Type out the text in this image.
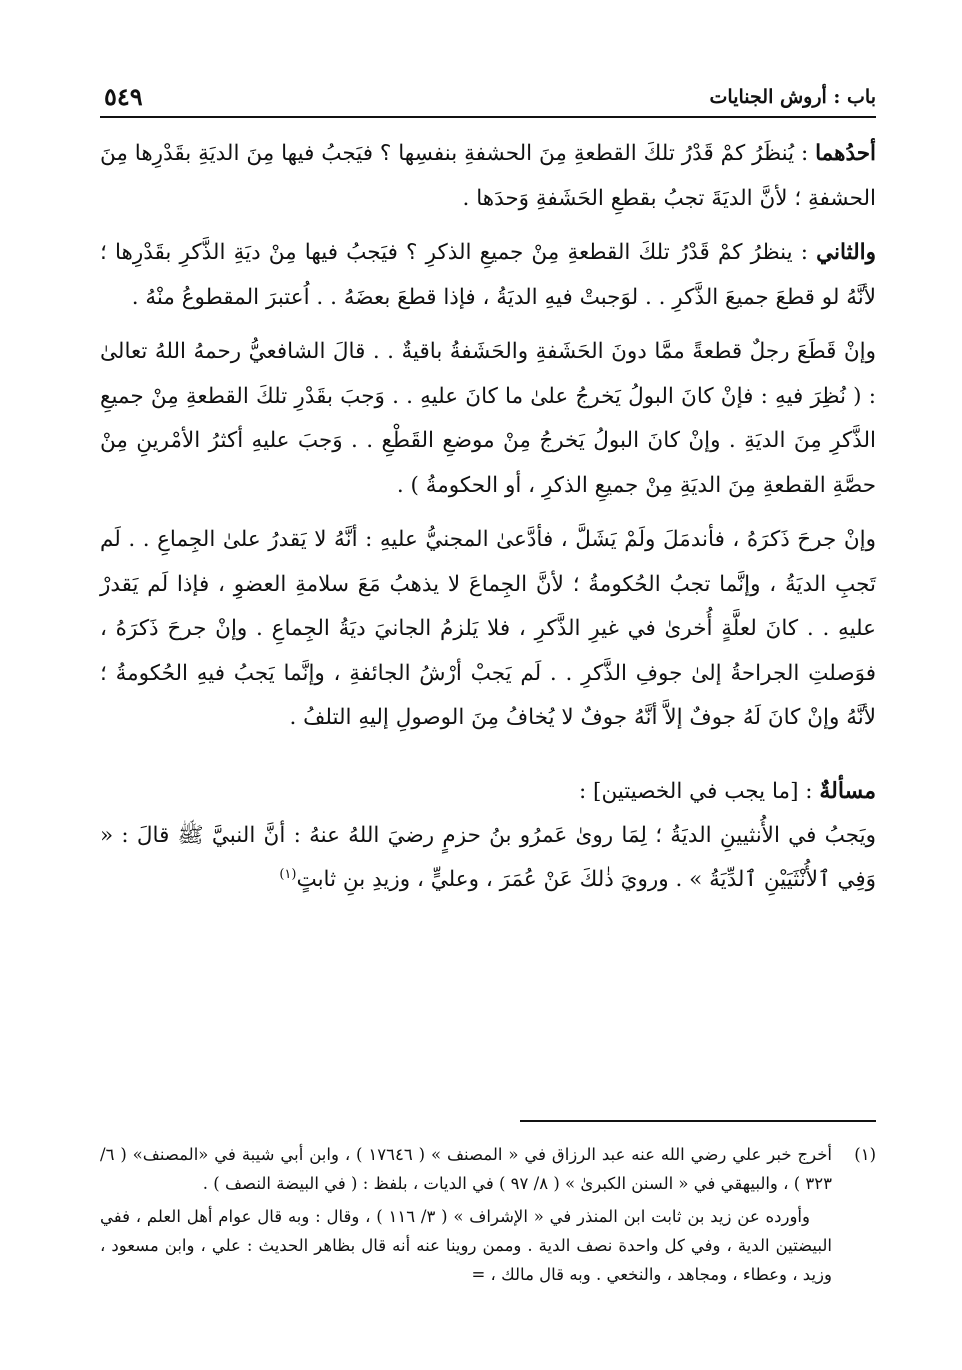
باب : أروش الجنايات
٥٤٩

أحدُهما : يُنظَرُ كمْ قَدْرُ تلكَ القطعةِ مِنَ الحشفةِ بنفسِها ؟ فيَجبُ فيها مِنَ الديَةِ بقَدْرِها مِنَ الحشفةِ ؛ لأنَّ الديَةَ تجبُ بقطعِ الحَشَفةِ وَحدَها .

والثاني : ينظرُ كمْ قَدْرُ تلكَ القطعةِ مِنْ جميعِ الذكرِ ؟ فيَجبُ فيها مِنْ ديَةِ الذَّكرِ بقَدْرِها ؛ لأنَّهُ لو قطعَ جميعَ الذَّكرِ . . لوَجبتْ فيهِ الديَةُ ، فإذا قطعَ بعضَهُ . . اُعتبرَ المقطوعُ منْهُ .

وإنْ قَطَعَ رجلٌ قطعةً ممَّا دونَ الحَشَفةِ والحَشَفةُ باقيةٌ . . قالَ الشافعيُّ رحمهُ اللهُ تعالىٰ : ( نُظِرَ فيهِ : فإنْ كانَ البولُ يَخرجُ علىٰ ما كانَ عليهِ . . وَجبَ بقَدْرِ تلكَ القطعةِ مِنْ جميعِ الذَّكرِ مِنَ الديَةِ . وإنْ كانَ البولُ يَخرجُ مِنْ موضعِ القَطْعِ . . وَجبَ عليهِ أكثرُ الأمْرينِ مِنْ حصَّةِ القطعةِ مِنَ الديَةِ مِنْ جميعِ الذكرِ ، أو الحكومةُ ) .

وإنْ جرحَ ذَكرَهُ ، فأندمَلَ ولَمْ يَشَلَّ ، فأدَّعىٰ المجنيُّ عليهِ : أنَّهُ لا يَقدرُ علىٰ الجِماعِ . . لَم تَجبِ الديَةُ ، وإنَّما تجبُ الحُكومةُ ؛ لأنَّ الجِماعَ لا يذهبُ مَعَ سلامةِ العضوِ ، فإذا لَم يَقدرْ عليهِ . . كانَ لعلَّةٍ أُخرىٰ في غيرِ الذَّكرِ ، فلا يَلزمُ الجانيَ ديَةُ الجِماعِ . وإنْ جرحَ ذَكرَهُ ، فوَصلتِ الجراحةُ إلىٰ جوفِ الذَّكرِ . . لَم يَجبْ أرْشُ الجائفةِ ، وإنَّما يَجبُ فيهِ الحُكومةُ ؛ لأنَّهُ وإنْ كانَ لَهُ جوفٌ إلاَّ أنَّهُ جوفٌ لا يُخافُ مِنَ الوصولِ إليهِ التلفُ .

مسألةٌ : [ما يجب في الخصيتين] :

ويَجبُ في الأُنثيينِ الديَةُ ؛ لِمَا روىٰ عَمرُو بنُ حزمٍ رضيَ اللهُ عنهُ : أنَّ النبيَّ ﷺ قالَ : « وَفِي ٱلأُنْثَيَيْنِ ٱلدِّيَةُ » . ورويَ ذٰلكَ عَنْ عُمَرَ ، وعليٍّ ، وزيدِ بنِ ثابتٍ$^{(١)}$

(١)
أخرج خبر علي رضي الله عنه عبد الرزاق في « المصنف » ( ١٧٦٤٦ ) ، وابن أبي شيبة في «المصنف» ( ٦/ ٣٢٣ ) ، والبيهقي في « السنن الكبرىٰ » ( ٨/ ٩٧ ) في الديات ، بلفظ : ( في البيضة النصف ) .
وأورده عن زيد بن ثابت ابن المنذر في « الإشراف » ( ٣/ ١١٦ ) ، وقال : وبه قال عوام أهل العلم ، ففي البيضتين الدية ، وفي كل واحدة نصف الدية . وممن روينا عنه أنه قال بظاهر الحديث : علي ، وابن مسعود ، وزيد ، وعطاء ، ومجاهد ، والنخعي . وبه قال مالك ، =
